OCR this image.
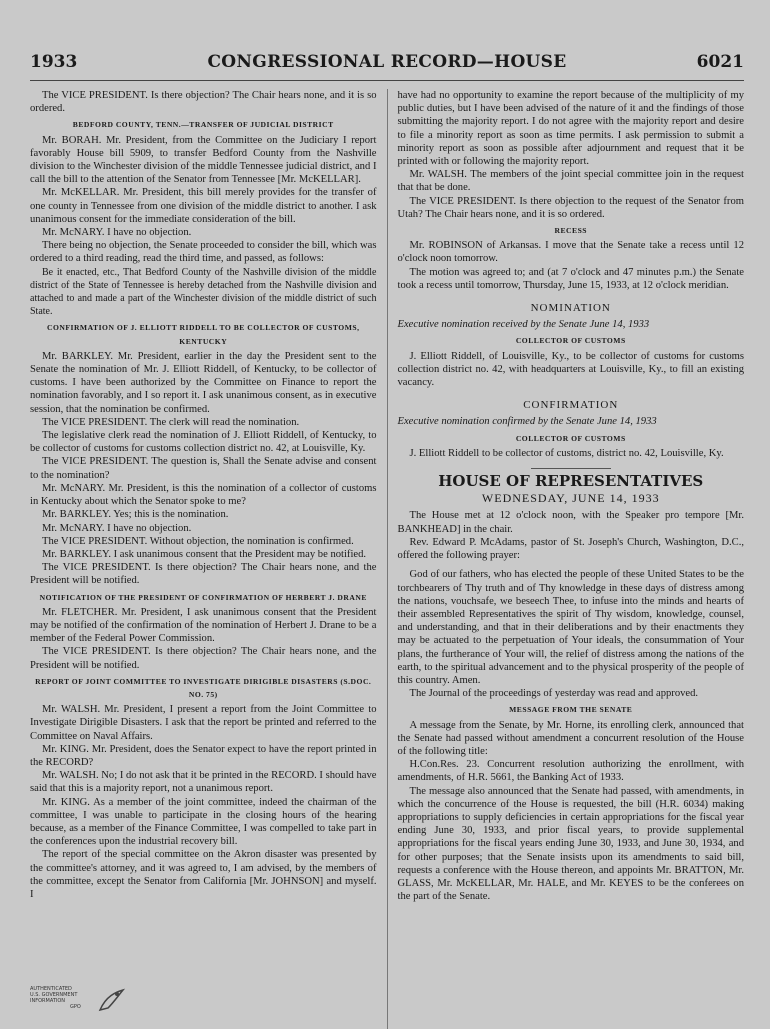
1933	CONGRESSIONAL RECORD—HOUSE	6021

The VICE PRESIDENT. Is there objection? The Chair hears none, and it is so ordered.

BEDFORD COUNTY, TENN.—TRANSFER OF JUDICIAL DISTRICT

Mr. BORAH. Mr. President, from the Committee on the Judiciary I report favorably House bill 5909, to transfer Bedford County from the Nashville division to the Winchester division of the middle Tennessee judicial district, and I call the bill to the attention of the Senator from Tennessee [Mr. McKELLAR].

Mr. McKELLAR. Mr. President, this bill merely provides for the transfer of one county in Tennessee from one division of the middle district to another. I ask unanimous consent for the immediate consideration of the bill.

Mr. McNARY. I have no objection.

There being no objection, the Senate proceeded to consider the bill, which was ordered to a third reading, read the third time, and passed, as follows:

Be it enacted, etc., That Bedford County of the Nashville division of the middle district of the State of Tennessee is hereby detached from the Nashville division and attached to and made a part of the Winchester division of the middle district of such State.

CONFIRMATION OF J. ELLIOTT RIDDELL TO BE COLLECTOR OF CUSTOMS, KENTUCKY

Mr. BARKLEY. Mr. President, earlier in the day the President sent to the Senate the nomination of Mr. J. Elliott Riddell, of Kentucky, to be collector of customs. I have been authorized by the Committee on Finance to report the nomination favorably, and I so report it. I ask unanimous consent, as in executive session, that the nomination be confirmed.

The VICE PRESIDENT. The clerk will read the nomination.

The legislative clerk read the nomination of J. Elliott Riddell, of Kentucky, to be collector of customs for customs collection district no. 42, at Louisville, Ky.

The VICE PRESIDENT. The question is, Shall the Senate advise and consent to the nomination?

Mr. McNARY. Mr. President, is this the nomination of a collector of customs in Kentucky about which the Senator spoke to me?

Mr. BARKLEY. Yes; this is the nomination.

Mr. McNARY. I have no objection.

The VICE PRESIDENT. Without objection, the nomination is confirmed.

Mr. BARKLEY. I ask unanimous consent that the President may be notified.

The VICE PRESIDENT. Is there objection? The Chair hears none, and the President will be notified.

NOTIFICATION OF THE PRESIDENT OF CONFIRMATION OF HERBERT J. DRANE

Mr. FLETCHER. Mr. President, I ask unanimous consent that the President may be notified of the confirmation of the nomination of Herbert J. Drane to be a member of the Federal Power Commission.

The VICE PRESIDENT. Is there objection? The Chair hears none, and the President will be notified.

REPORT OF JOINT COMMITTEE TO INVESTIGATE DIRIGIBLE DISASTERS (S.DOC. NO. 75)

Mr. WALSH. Mr. President, I present a report from the Joint Committee to Investigate Dirigible Disasters. I ask that the report be printed and referred to the Committee on Naval Affairs.

Mr. KING. Mr. President, does the Senator expect to have the report printed in the RECORD?

Mr. WALSH. No; I do not ask that it be printed in the RECORD. I should have said that this is a majority report, not a unanimous report.

Mr. KING. As a member of the joint committee, indeed the chairman of the committee, I was unable to participate in the closing hours of the hearing because, as a member of the Finance Committee, I was compelled to take part in the conferences upon the industrial recovery bill.

The report of the special committee on the Akron disaster was presented by the committee's attorney, and it was agreed to, I am advised, by the members of the committee, except the Senator from California [Mr. JOHNSON] and myself. I

have had no opportunity to examine the report because of the multiplicity of my public duties, but I have been advised of the nature of it and the findings of those submitting the majority report. I do not agree with the majority report and desire to file a minority report as soon as time permits. I ask permission to submit a minority report as soon as possible after adjournment and request that it be printed with or following the majority report.

Mr. WALSH. The members of the joint special committee join in the request that that be done.

The VICE PRESIDENT. Is there objection to the request of the Senator from Utah? The Chair hears none, and it is so ordered.

RECESS

Mr. ROBINSON of Arkansas. I move that the Senate take a recess until 12 o'clock noon tomorrow.

The motion was agreed to; and (at 7 o'clock and 47 minutes p.m.) the Senate took a recess until tomorrow, Thursday, June 15, 1933, at 12 o'clock meridian.

NOMINATION

Executive nomination received by the Senate June 14, 1933

COLLECTOR OF CUSTOMS

J. Elliott Riddell, of Louisville, Ky., to be collector of customs for customs collection district no. 42, with headquarters at Louisville, Ky., to fill an existing vacancy.

CONFIRMATION

Executive nomination confirmed by the Senate June 14, 1933

COLLECTOR OF CUSTOMS

J. Elliott Riddell to be collector of customs, district no. 42, Louisville, Ky.

HOUSE OF REPRESENTATIVES
WEDNESDAY, JUNE 14, 1933

The House met at 12 o'clock noon, with the Speaker pro tempore [Mr. BANKHEAD] in the chair.

Rev. Edward P. McAdams, pastor of St. Joseph's Church, Washington, D.C., offered the following prayer:

God of our fathers, who has elected the people of these United States to be the torchbearers of Thy truth and of Thy knowledge in these days of distress among the nations, vouchsafe, we beseech Thee, to infuse into the minds and hearts of their assembled Representatives the spirit of Thy wisdom, knowledge, counsel, and understanding, and that in their deliberations and by their enactments they may be actuated to the perpetuation of Your ideals, the consummation of Your plans, the furtherance of Your will, the relief of distress among the nations of the earth, to the spiritual advancement and to the physical prosperity of the people of this country. Amen.

The Journal of the proceedings of yesterday was read and approved.

MESSAGE FROM THE SENATE

A message from the Senate, by Mr. Horne, its enrolling clerk, announced that the Senate had passed without amendment a concurrent resolution of the House of the following title:

H.Con.Res. 23. Concurrent resolution authorizing the enrollment, with amendments, of H.R. 5661, the Banking Act of 1933.

The message also announced that the Senate had passed, with amendments, in which the concurrence of the House is requested, the bill (H.R. 6034) making appropriations to supply deficiencies in certain appropriations for the fiscal year ending June 30, 1933, and prior fiscal years, to provide supplemental appropriations for the fiscal years ending June 30, 1933, and June 30, 1934, and for other purposes; that the Senate insists upon its amendments to said bill, requests a conference with the House thereon, and appoints Mr. BRATTON, Mr. GLASS, Mr. McKELLAR, Mr. HALE, and Mr. KEYES to be the conferees on the part of the Senate.

AUTHENTICATED
U.S. GOVERNMENT
INFORMATION
GPO
